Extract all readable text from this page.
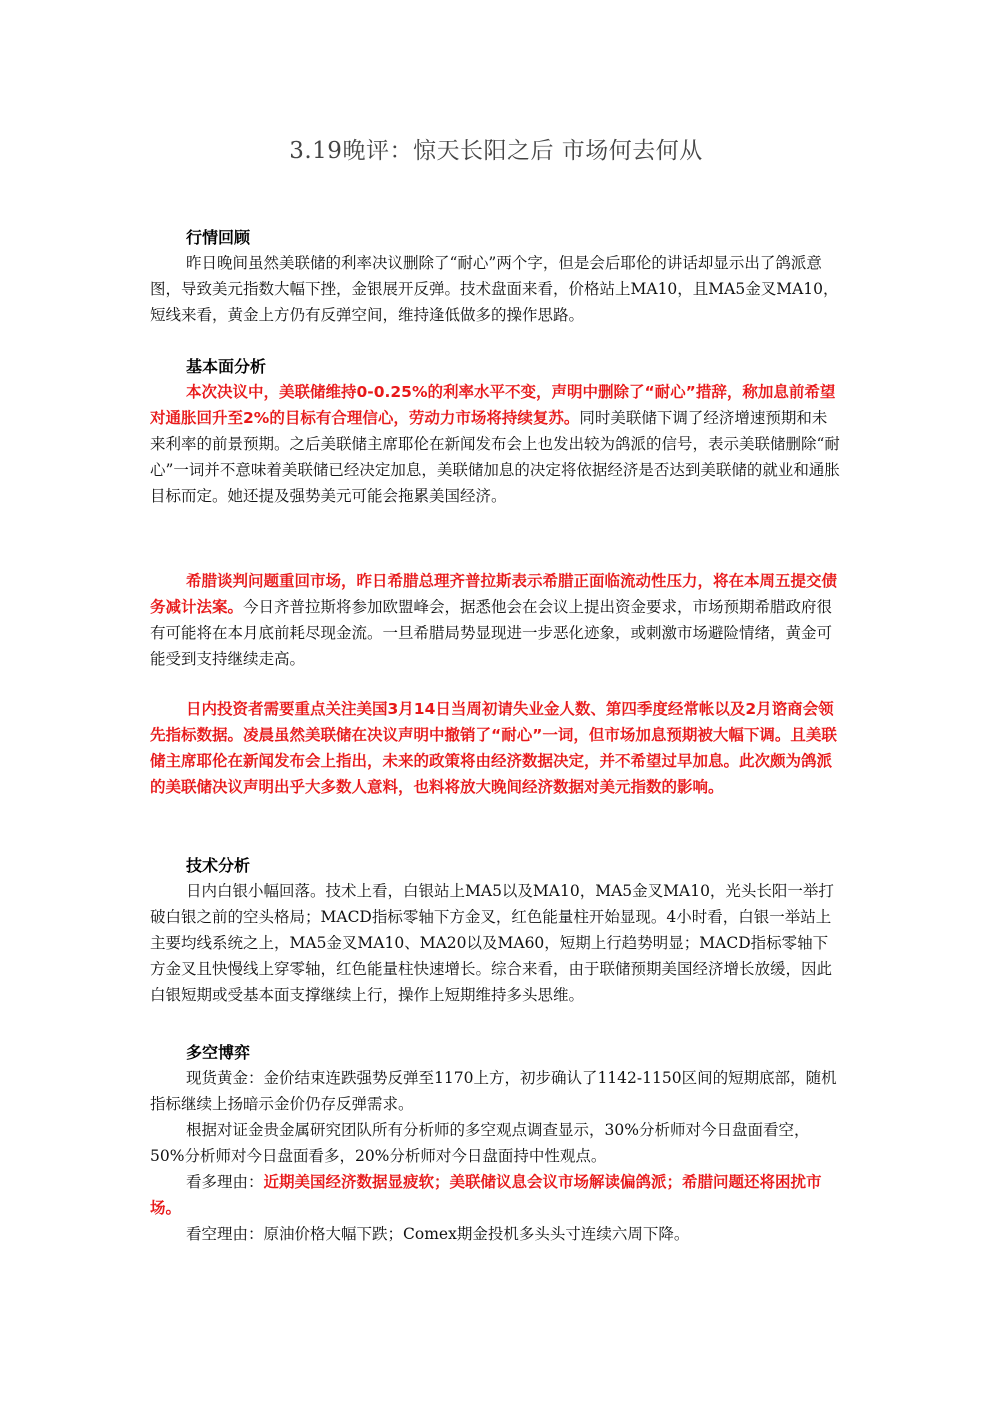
3.19晚评：惊天长阳之后 市场何去何从
行情回顾

昨日晚间虽然美联储的利率决议删除了“耐心”两个字，但是会后耶伦的讲话却显示出了鸽派意图，导致美元指数大幅下挫，金银展开反弹。技术盘面来看，价格站上MA10，且MA5金叉MA10，短线来看，黄金上方仍有反弹空间，维持逢低做多的操作思路。

基本面分析

本次决议中，美联储维持0-0.25%的利率水平不变，声明中删除了“耐心”措辞，称加息前希望对通胀回升至2%的目标有合理信心，劳动力市场将持续复苏。同时美联储下调了经济增速预期和未来利率的前景预期。之后美联储主席耶伦在新闻发布会上也发出较为鸽派的信号，表示美联储删除“耐心”一词并不意味着美联储已经决定加息，美联储加息的决定将依据经济是否达到美联储的就业和通胀目标而定。她还提及强势美元可能会拖累美国经济。

希腊谈判问题重回市场，昨日希腊总理齐普拉斯表示希腊正面临流动性压力，将在本周五提交债务减计法案。今日齐普拉斯将参加欧盟峰会，据悉他会在会议上提出资金要求，市场预期希腊政府很有可能将在本月底前耗尽现金流。一旦希腊局势显现进一步恶化迹象，或刺激市场避险情绪，黄金可能受到支持继续走高。

日内投资者需要重点关注美国3月14日当周初请失业金人数、第四季度经常帐以及2月谘商会领先指标数据。凌晨虽然美联储在决议声明中撤销了“耐心”一词，但市场加息预期被大幅下调。且美联储主席耶伦在新闻发布会上指出，未来的政策将由经济数据决定，并不希望过早加息。此次颇为鸽派的美联储决议声明出乎大多数人意料，也料将放大晚间经济数据对美元指数的影响。

技术分析

日内白银小幅回落。技术上看，白银站上MA5以及MA10，MA5金叉MA10，光头长阳一举打破白银之前的空头格局；MACD指标零轴下方金叉，红色能量柱开始显现。4小时看，白银一举站上主要均线系统之上，MA5金叉MA10、MA20以及MA60，短期上行趋势明显；MACD指标零轴下方金叉且快慢线上穿零轴，红色能量柱快速增长。综合来看，由于联储预期美国经济增长放缓，因此白银短期或受基本面支撑继续上行，操作上短期维持多头思维。

多空博弈

现货黄金：金价结束连跌强势反弹至1170上方，初步确认了1142-1150区间的短期底部，随机指标继续上扬暗示金价仍存反弹需求。

根据对证金贵金属研究团队所有分析师的多空观点调查显示，30%分析师对今日盘面看空，50%分析师对今日盘面看多，20%分析师对今日盘面持中性观点。

看多理由：近期美国经济数据显疲软；美联储议息会议市场解读偏鸽派；希腊问题还将困扰市场。

看空理由：原油价格大幅下跌；Comex期金投机多头头寸连续六周下降。
